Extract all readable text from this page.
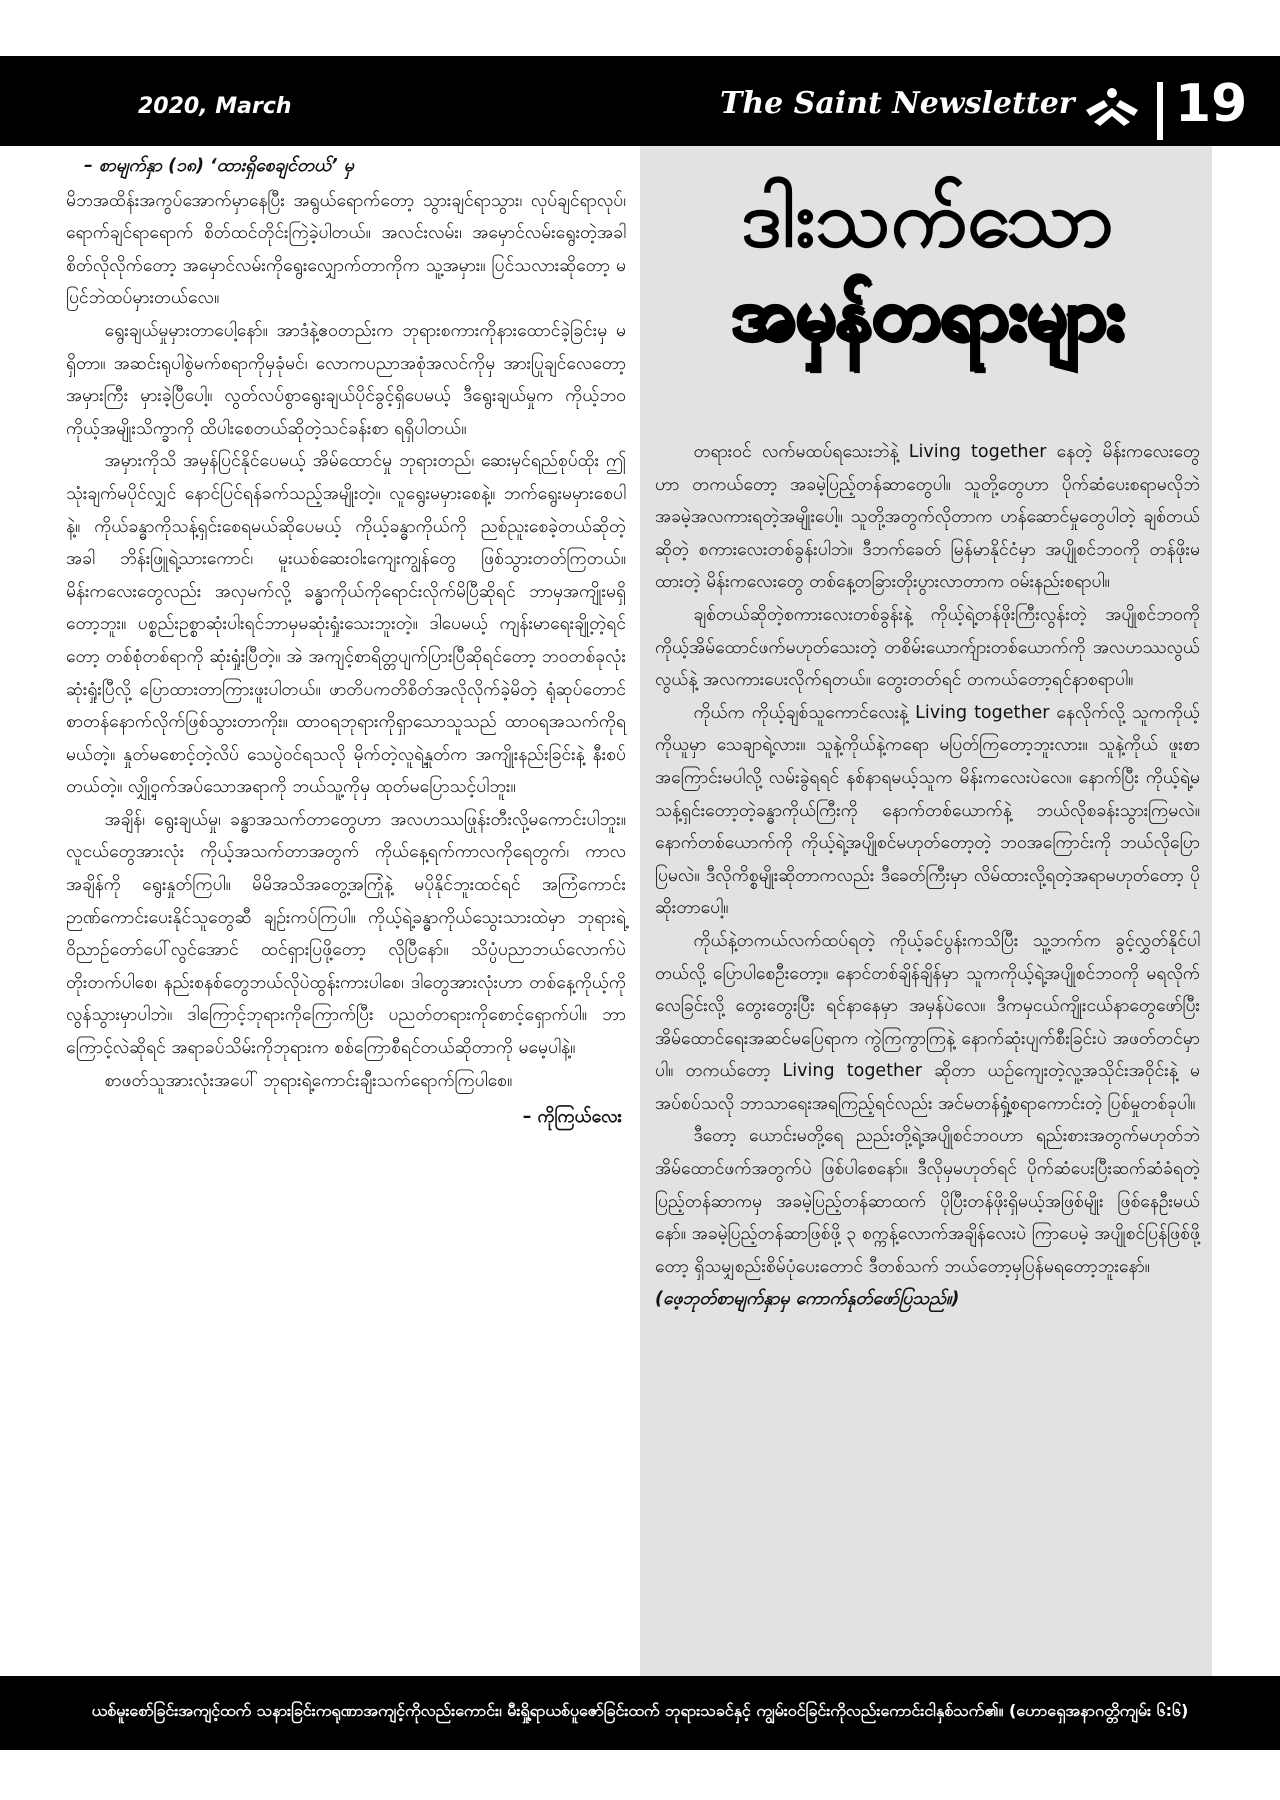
2020, March	The Saint Newsletter 19

– စာမျက်နှာ (၁၈) ‘ထားရှိစေချင်တယ်’ မှ

မိဘအထိန်းအကွပ်အောက်မှာနေပြီး အရွယ်ရောက်တော့ သွားချင်ရာသွား၊ လုပ်ချင်ရာလုပ်၊ ရောက်ချင်ရာရောက် စိတ်ထင်တိုင်းကြဲခဲ့ပါတယ်။ အလင်းလမ်း၊ အမှောင်လမ်းရွေးတဲ့အခါ စိတ်လိုလိုက်တော့ အမှောင်လမ်းကိုရွေးလျှောက်တာကိုက သူ့အမှား။ ပြင်သလားဆိုတော့ မပြင်ဘဲထပ်မှားတယ်လေ။

ရွေးချယ်မှုမှားတာပေါ့နော်။ အာဒံနဲ့ဧဝတည်းက ဘုရားစကားကိုနားထောင်ခဲ့ခြင်းမှ မရှိတာ။ အဆင်းရုပါစွဲမက်စရာကိုမှခုံမင်၊ လောကပညာအစုံအလင်ကိုမှ အားပြုချင်လေတော့ အမှားကြီး မှားခဲ့ပြီပေါ့။ လွတ်လပ်စွာရွေးချယ်ပိုင်ခွင့်ရှိပေမယ့် ဒီရွေးချယ်မှုက ကိုယ့်ဘဝကိုယ့်အမျိုးသိက္ခာကို ထိပါးစေတယ်ဆိုတဲ့သင်ခန်းစာ ရရှိပါတယ်။

အမှားကိုသိ အမှန်ပြင်နိုင်ပေမယ့် အိမ်ထောင်မှု ဘုရားတည်၊ ဆေးမှင်ရည်စုပ်ထိုး ဤသုံးချက်မပိုင်လျှင် နောင်ပြင်ရန်ခက်သည့်အမျိုးတဲ့။ လူရွေးမမှားစေနဲ့။ ဘက်ရွေးမမှားစေပါနဲ့။ ကိုယ်ခန္ဓာကိုသန့်ရှင်းစေရမယ်ဆိုပေမယ့် ကိုယ့်ခန္ဓာကိုယ်ကို ညစ်ညူးစေခဲ့တယ်ဆိုတဲ့အခါ ဘိန်းဖြူရဲ့သားကောင်၊ မူးယစ်ဆေးဝါးကျေးကျွန်တွေ ဖြစ်သွားတတ်ကြတယ်။ မိန်းကလေးတွေလည်း အလှမက်လို့ ခန္ဓာကိုယ်ကိုရောင်းလိုက်မိပြီဆိုရင် ဘာမှအကျိုးမရှိတော့ဘူး။ ပစ္စည်းဥစ္စာဆုံးပါးရင်ဘာမှမဆုံးရှုံးသေးဘူးတဲ့။ ဒါပေမယ့် ကျန်းမာရေးချို့တဲ့ရင်တော့ တစ်စုံတစ်ရာကို ဆုံးရှုံးပြီတဲ့။ အဲ အကျင့်စာရိတ္တပျက်ပြားပြီဆိုရင်တော့ ဘဝတစ်ခုလုံးဆုံးရှုံးပြီလို့ ပြောထားတာကြားဖူးပါတယ်။ ဖာတိပကတိစိတ်အလိုလိုက်ခဲ့မိတဲ့ ရုံဆုပ်တောင် စာတန်နောက်လိုက်ဖြစ်သွားတာကိုး။ ထာဝရဘုရားကိုရှာသောသူသည် ထာဝရအသက်ကိုရမယ်တဲ့။ နှုတ်မစောင့်တဲ့လိပ် သေပွဲဝင်ရသလို မိုက်တဲ့လူရဲ့နှုတ်က အကျိုးနည်းခြင်းနဲ့ နီးစပ်တယ်တဲ့။ လျှို့ဝှက်အပ်သောအရာကို ဘယ်သူ့ကိုမှ ထုတ်မပြောသင့်ပါဘူး။

အချိန်၊ ရွေးချယ်မှု၊ ခန္ဓာအသက်တာတွေဟာ အလဟဿဖြုန်းတီးလို့မကောင်းပါဘူး။ လူငယ်တွေအားလုံး ကိုယ့်အသက်တာအတွက် ကိုယ်နေ့ရက်ကာလကိုရေတွက်၊ ကာလအချိန်ကို ရွေးနှုတ်ကြပါ။ မိမိအသိအတွေ့အကြုံနဲ့ မပိုနိုင်ဘူးထင်ရင် အကြံကောင်းဉာဏ်ကောင်းပေးနိုင်သူတွေဆီ ချဉ်းကပ်ကြပါ။ ကိုယ့်ရဲ့ခန္ဓာကိုယ်သွေးသားထဲမှာ ဘုရားရဲ့ဝိညာဉ်တော်ပေါ်လွင်အောင် ထင်ရှားပြဖို့တော့ လိုပြီနော်။ သိပ္ပံပညာဘယ်လောက်ပဲတိုးတက်ပါစေ၊ နည်းစနစ်တွေဘယ်လိုပဲထွန်းကားပါစေ၊ ဒါတွေအားလုံးဟာ တစ်နေ့ကိုယ့်ကို လွန်သွားမှာပါဘဲ။ ဒါကြောင့်ဘုရားကိုကြောက်ပြီး ပညတ်တရားကိုစောင့်ရှောက်ပါ။ ဘာကြောင့်လဲဆိုရင် အရာခပ်သိမ်းကိုဘုရားက စစ်ကြောစီရင်တယ်ဆိုတာကို မမေ့ပါနဲ့။

စာဖတ်သူအားလုံးအပေါ် ဘုရားရဲ့ကောင်းချီးသက်ရောက်ကြပါစေ။

– ကိုကြယ်လေး

ဒါးသက်သော
အမှန်တရားများ

တရားဝင် လက်မထပ်ရသေးဘဲနဲ့ Living together နေတဲ့ မိန်းကလေးတွေဟာ တကယ်တော့ အခမဲ့ပြည့်တန်ဆာတွေပါ။ သူတို့တွေဟာ ပိုက်ဆံပေးစရာမလိုဘဲ အခမဲ့အလကားရတဲ့အမျိုးပေါ့။ သူတို့အတွက်လိုတာက ဟန်ဆောင်မှုတွေပါတဲ့ ချစ်တယ်ဆိုတဲ့ စကားလေးတစ်ခွန်းပါဘဲ။ ဒီဘက်ခေတ် မြန်မာနိုင်ငံမှာ အပျိုစင်ဘဝကို တန်ဖိုးမထားတဲ့ မိန်းကလေးတွေ တစ်နေ့တခြားတိုးပွားလာတာက ဝမ်းနည်းစရာပါ။

ချစ်တယ်ဆိုတဲ့စကားလေးတစ်ခွန်းနဲ့ ကိုယ့်ရဲ့တန်ဖိုးကြီးလွန်းတဲ့ အပျိုစင်ဘဝကို ကိုယ့်အိမ်ထောင်ဖက်မဟုတ်သေးတဲ့ တစိမ်းယောက်ျားတစ်ယောက်ကို အလဟဿလွယ်လွယ်နဲ့ အလကားပေးလိုက်ရတယ်။ တွေးတတ်ရင် တကယ်တော့ရင်နာစရာပါ။

ကိုယ်က ကိုယ့်ချစ်သူကောင်လေးနဲ့ Living together နေလိုက်လို့ သူကကိုယ့်ကိုယူမှာ သေချာရဲ့လား။ သူနဲ့ကိုယ်နဲ့ကရော မပြတ်ကြတော့ဘူးလား။ သူနဲ့ကိုယ် ဖူးစာအကြောင်းမပါလို့ လမ်းခွဲရရင် နစ်နာရမယ့်သူက မိန်းကလေးပဲလေ။ နောက်ပြီး ကိုယ့်ရဲ့မသန့်ရှင်းတော့တဲ့ခန္ဓာကိုယ်ကြီးကို နောက်တစ်ယောက်နဲ့ ဘယ်လိုစခန်းသွားကြမလဲ။ နောက်တစ်ယောက်ကို ကိုယ့်ရဲ့အပျိုစင်မဟုတ်တော့တဲ့ ဘဝအကြောင်းကို ဘယ်လိုပြောပြမလဲ။ ဒီလိုကိစ္စမျိုးဆိုတာကလည်း ဒီခေတ်ကြီးမှာ လိမ်ထားလို့ရတဲ့အရာမဟုတ်တော့ ပိုဆိုးတာပေါ့။

ကိုယ်နဲ့တကယ်လက်ထပ်ရတဲ့ ကိုယ့်ခင်ပွန်းကသိပြီး သူ့ဘက်က ခွင့်လွှတ်နိုင်ပါတယ်လို့ ပြောပါစေဦးတော့။ နောင်တစ်ချိန်ချိန်မှာ သူကကိုယ့်ရဲ့အပျိုစင်ဘဝကို မရလိုက်လေခြင်းလို့ တွေးတွေးပြီး ရင်နာနေမှာ အမှန်ပဲလေ။ ဒီကမှငယ်ကျိုးငယ်နာတွေဖော်ပြီး အိမ်ထောင်ရေးအဆင်မပြေရာက ကွဲကြကွာကြနဲ့ နောက်ဆုံးပျက်စီးခြင်းပဲ အဖတ်တင်မှာပါ။ တကယ်တော့ Living together ဆိုတာ ယဉ်ကျေးတဲ့လူ့အသိုင်းအဝိုင်းနဲ့ မအပ်စပ်သလို ဘာသာရေးအရကြည့်ရင်လည်း အင်မတန်ရှုံ့စရာကောင်းတဲ့ ပြစ်မှုတစ်ခုပါ။

ဒီတော့ ယောင်းမတို့ရေ ညည်းတို့ရဲ့အပျိုစင်ဘဝဟာ ရည်းစားအတွက်မဟုတ်ဘဲ အိမ်ထောင်ဖက်အတွက်ပဲ ဖြစ်ပါစေနော်။ ဒီလိုမှမဟုတ်ရင် ပိုက်ဆံပေးပြီးဆက်ဆံခံရတဲ့ ပြည့်တန်ဆာကမှ အခမဲ့ပြည့်တန်ဆာထက် ပိုပြီးတန်ဖိုးရှိမယ့်အဖြစ်မျိုး ဖြစ်နေဦးမယ်နော်။ အခမဲ့ပြည့်တန်ဆာဖြစ်ဖို့ ၃ စက္ကန့်လောက်အချိန်လေးပဲ ကြာပေမဲ့ အပျိုစင်ပြန်ဖြစ်ဖို့တော့ ရှိသမျှစည်းစိမ်ပုံပေးတောင် ဒီတစ်သက် ဘယ်တော့မှပြန်မရတော့ဘူးနော်။

(ဖေ့ဘုတ်စာမျက်နှာမှ ကောက်နုတ်ဖော်ပြသည်။)

ယစ်မူးစော်ခြင်းအကျင့်ထက် သနားခြင်းကရုဏာအကျင့်ကိုလည်းကောင်း၊ မီးရှို့ရာယစ်ပူဇော်ခြင်းထက် ဘုရားသခင်နှင့် ကျွမ်းဝင်ခြင်းကိုလည်းကောင်းငါနှစ်သက်၏။ (ဟောရှေအနာဂတ္တိကျမ်း ၆:၆)
